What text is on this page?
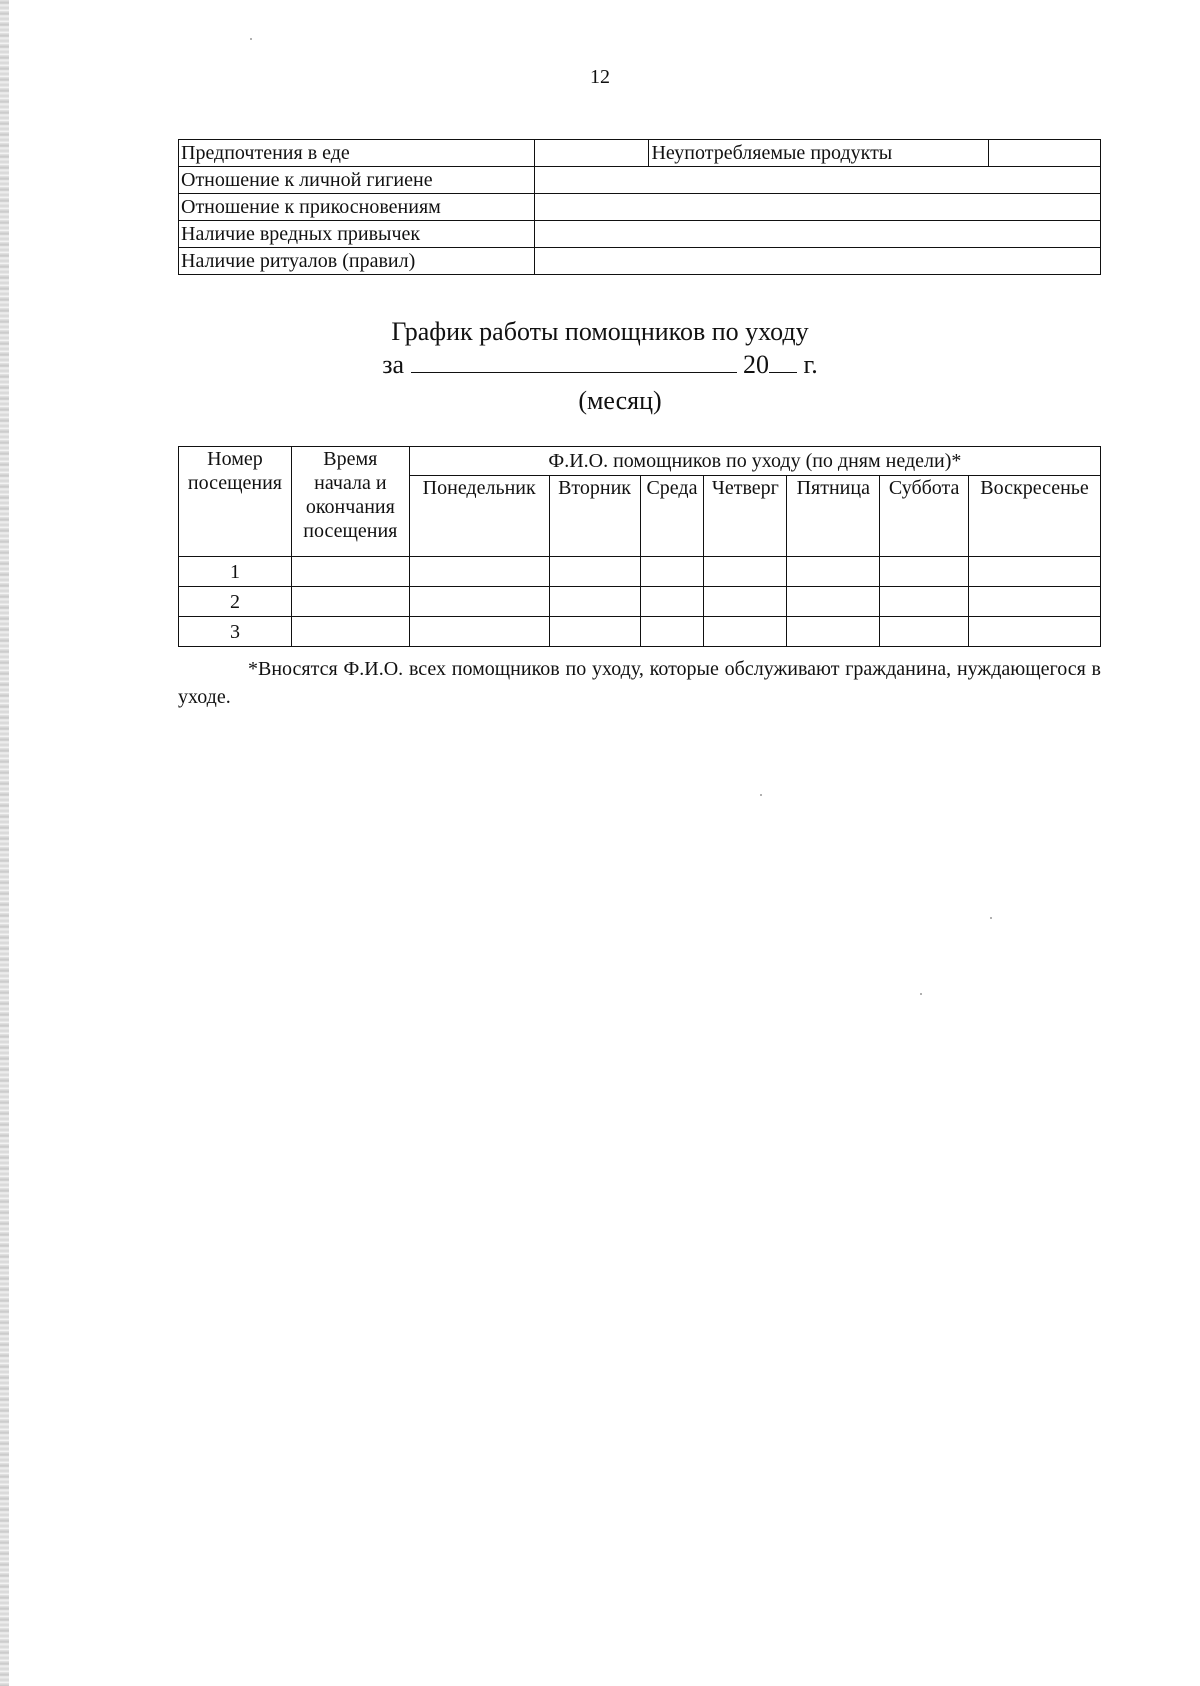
12
Предпочтения в еде		Неупотребляемые продукты	
Отношение к личной гигиене			
Отношение к прикосновениям			
Наличие вредных привычек			
Наличие ритуалов (правил)			
График работы помощников по уходу
за	20 г.
(месяц)
Номер посещения	Время начала и окончания посещения	Ф.И.О. помощников по уходу (по дням недели)*						
		Понедельник	Вторник	Среда	Четверг	Пятница	Суббота	Воскресенье
1								
2								
3								
*Вносятся Ф.И.О. всех помощников по уходу, которые обслуживают гражданина, нуждающегося в уходе.
